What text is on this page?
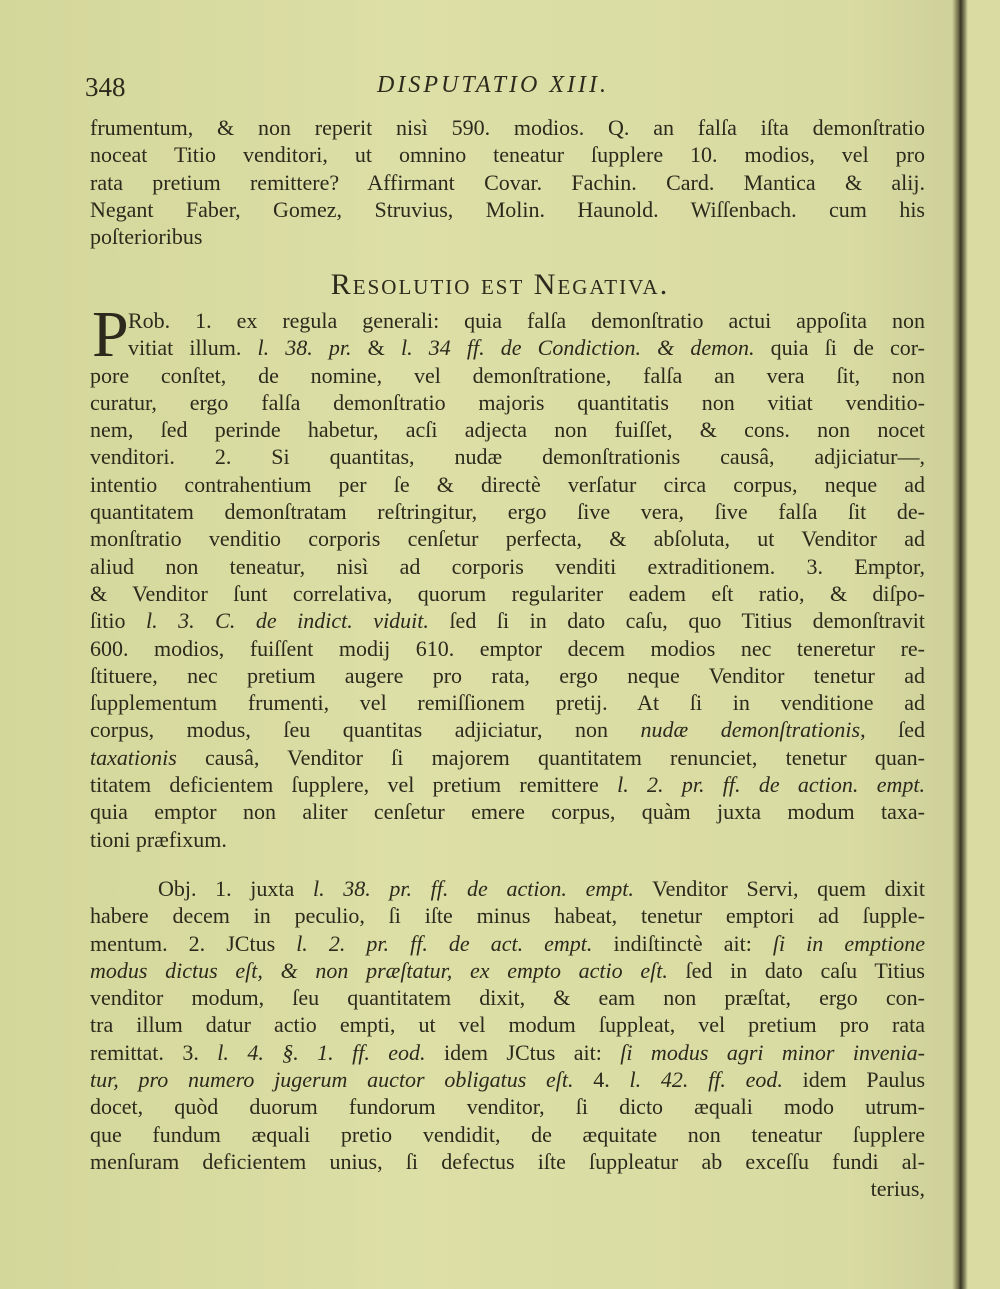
348	DISPUTATIO XIII.
frumentum, & non reperit nisì 590. modios. Q. an falſa iſta demonſtratio
noceat Titio venditori, ut omnino teneatur ſupplere 10. modios, vel pro
rata pretium remittere? Affirmant Covar. Fachin. Card. Mantica & alij.
Negant Faber, Gomez, Struvius, Molin. Haunold. Wiſſenbach. cum his
poſterioribus
Resolutio est Negativa.
P Rob. 1. ex regula generali: quia falſa demonſtratio actui appoſita non
vitiat illum. l. 38. pr. & l. 34 ff. de Condiction. & demon. quia ſi de cor-
pore conſtet, de nomine, vel demonſtratione, falſa an vera ſit, non
curatur, ergo falſa demonſtratio majoris quantitatis non vitiat venditio-
nem, ſed perinde habetur, acſi adjecta non fuiſſet, & cons. non nocet
venditori. 2. Si quantitas, nudæ demonſtrationis causâ, adjiciatur—,
intentio contrahentium per ſe & directè verſatur circa corpus, neque ad
quantitatem demonſtratam reſtringitur, ergo ſive vera, ſive falſa ſit de-
monſtratio venditio corporis cenſetur perfecta, & abſoluta, ut Venditor ad
aliud non teneatur, nisì ad corporis venditi extraditionem. 3. Emptor,
& Venditor ſunt correlativa, quorum regulariter eadem eſt ratio, & diſpo-
ſitio l. 3. C. de indict. viduit. ſed ſi in dato caſu, quo Titius demonſtravit
600. modios, fuiſſent modij 610. emptor decem modios nec teneretur re-
ſtituere, nec pretium augere pro rata, ergo neque Venditor tenetur ad
ſupplementum frumenti, vel remiſſionem pretij. At ſi in venditione ad
corpus, modus, ſeu quantitas adjiciatur, non nudæ demonſtrationis, ſed
taxationis causâ, Venditor ſi majorem quantitatem renunciet, tenetur quan-
titatem deficientem ſupplere, vel pretium remittere l. 2. pr. ff. de action. empt.
quia emptor non aliter cenſetur emere corpus, quàm juxta modum taxa-
tioni præfixum.
Obj. 1. juxta l. 38. pr. ff. de action. empt. Venditor Servi, quem dixit
habere decem in peculio, ſi iſte minus habeat, tenetur emptori ad ſupple-
mentum. 2. JCtus l. 2. pr. ff. de act. empt. indiſtinctè ait: ſi in emptione
modus dictus eſt, & non præſtatur, ex empto actio eſt. ſed in dato caſu Titius
venditor modum, ſeu quantitatem dixit, & eam non præſtat, ergo con-
tra illum datur actio empti, ut vel modum ſuppleat, vel pretium pro rata
remittat. 3. l. 4. §. 1. ff. eod. idem JCtus ait: ſi modus agri minor invenia-
tur, pro numero jugerum auctor obligatus eſt. 4. l. 42. ff. eod. idem Paulus
docet, quòd duorum fundorum venditor, ſi dicto æquali modo utrum-
que fundum æquali pretio vendidit, de æquitate non teneatur ſupplere
menſuram deficientem unius, ſi defectus iſte ſuppleatur ab exceſſu fundi al-
terius,
